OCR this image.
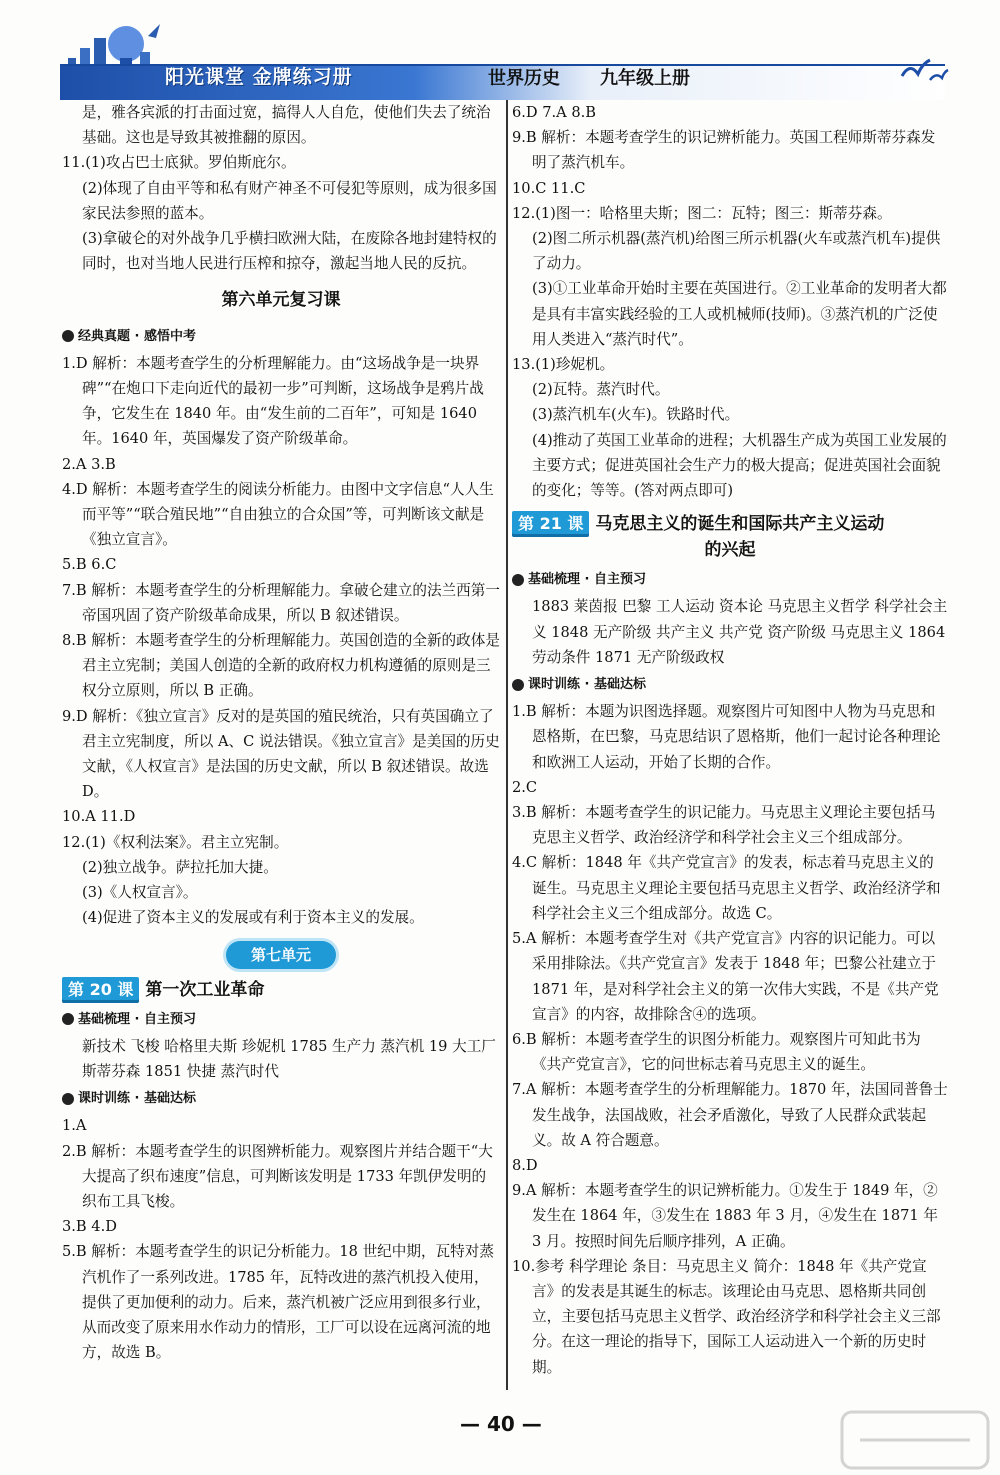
阳光课堂 金牌练习册	世界历史 九年级上册

是，雅各宾派的打击面过宽，搞得人人自危，使他们失去了统治基础。这也是导致其被推翻的原因。

11.(1)攻占巴士底狱。罗伯斯庇尔。

(2)体现了自由平等和私有财产神圣不可侵犯等原则，成为很多国家民法参照的蓝本。

(3)拿破仑的对外战争几乎横扫欧洲大陆，在废除各地封建特权的同时，也对当地人民进行压榨和掠夺，激起当地人民的反抗。

第六单元复习课
经典真题 · 感悟中考

1.D 解析：本题考查学生的分析理解能力。由“这场战争是一块界碑”“在炮口下走向近代的最初一步”可判断，这场战争是鸦片战争，它发生在 1840 年。由“发生前的二百年”，可知是 1640 年。1640 年，英国爆发了资产阶级革命。

2.A 3.B

4.D 解析：本题考查学生的阅读分析能力。由图中文字信息“人人生而平等”“联合殖民地”“自由独立的合众国”等，可判断该文献是《独立宣言》。

5.B 6.C

7.B 解析：本题考查学生的分析理解能力。拿破仑建立的法兰西第一帝国巩固了资产阶级革命成果，所以 B 叙述错误。

8.B 解析：本题考查学生的分析理解能力。英国创造的全新的政体是君主立宪制；美国人创造的全新的政府权力机构遵循的原则是三权分立原则，所以 B 正确。

9.D 解析：《独立宣言》反对的是英国的殖民统治，只有英国确立了君主立宪制度，所以 A、C 说法错误。《独立宣言》是美国的历史文献，《人权宣言》是法国的历史文献，所以 B 叙述错误。故选 D。

10.A 11.D

12.(1)《权利法案》。君主立宪制。

(2)独立战争。萨拉托加大捷。

(3)《人权宣言》。

(4)促进了资本主义的发展或有利于资本主义的发展。

第七单元
第 20 课 第一次工业革命
基础梳理 · 自主预习

新技术 飞梭 哈格里夫斯 珍妮机 1785 生产力 蒸汽机 19 大工厂 斯蒂芬森 1851 快捷 蒸汽时代

课时训练 · 基础达标

1.A

2.B 解析：本题考查学生的识图辨析能力。观察图片并结合题干“大大提高了织布速度”信息，可判断该发明是 1733 年凯伊发明的织布工具飞梭。

3.B 4.D

5.B 解析：本题考查学生的识记分析能力。18 世纪中期，瓦特对蒸汽机作了一系列改进。1785 年，瓦特改进的蒸汽机投入使用，提供了更加便利的动力。后来，蒸汽机被广泛应用到很多行业，从而改变了原来用水作动力的情形，工厂可以设在远离河流的地方，故选 B。

6.D 7.A 8.B

9.B 解析：本题考查学生的识记辨析能力。英国工程师斯蒂芬森发明了蒸汽机车。

10.C 11.C

12.(1)图一：哈格里夫斯；图二：瓦特；图三：斯蒂芬森。

(2)图二所示机器(蒸汽机)给图三所示机器(火车或蒸汽机车)提供了动力。

(3)①工业革命开始时主要在英国进行。②工业革命的发明者大都是具有丰富实践经验的工人或机械师(技师)。③蒸汽机的广泛使用人类进入“蒸汽时代”。

13.(1)珍妮机。

(2)瓦特。蒸汽时代。

(3)蒸汽机车(火车)。铁路时代。

(4)推动了英国工业革命的进程；大机器生产成为英国工业发展的主要方式；促进英国社会生产力的极大提高；促进英国社会面貌的变化；等等。(答对两点即可)

第 21 课 马克思主义的诞生和国际共产主义运动
的兴起
基础梳理 · 自主预习

1883 莱茵报 巴黎 工人运动 资本论 马克思主义哲学 科学社会主义 1848 无产阶级 共产主义 共产党 资产阶级 马克思主义 1864 劳动条件 1871 无产阶级政权

课时训练 · 基础达标

1.B 解析：本题为识图选择题。观察图片可知图中人物为马克思和恩格斯，在巴黎，马克思结识了恩格斯，他们一起讨论各种理论和欧洲工人运动，开始了长期的合作。

2.C

3.B 解析：本题考查学生的识记能力。马克思主义理论主要包括马克思主义哲学、政治经济学和科学社会主义三个组成部分。

4.C 解析：1848 年《共产党宣言》的发表，标志着马克思主义的诞生。马克思主义理论主要包括马克思主义哲学、政治经济学和科学社会主义三个组成部分。故选 C。

5.A 解析：本题考查学生对《共产党宣言》内容的识记能力。可以采用排除法。《共产党宣言》发表于 1848 年；巴黎公社建立于 1871 年，是对科学社会主义的第一次伟大实践，不是《共产党宣言》的内容，故排除含④的选项。

6.B 解析：本题考查学生的识图分析能力。观察图片可知此书为《共产党宣言》，它的问世标志着马克思主义的诞生。

7.A 解析：本题考查学生的分析理解能力。1870 年，法国同普鲁士发生战争，法国战败，社会矛盾激化，导致了人民群众武装起义。故 A 符合题意。

8.D

9.A 解析：本题考查学生的识记辨析能力。①发生于 1849 年，②发生在 1864 年，③发生在 1883 年 3 月，④发生在 1871 年 3 月。按照时间先后顺序排列，A 正确。

10.参考 科学理论 条目：马克思主义 简介：1848 年《共产党宣言》的发表是其诞生的标志。该理论由马克思、恩格斯共同创立，主要包括马克思主义哲学、政治经济学和科学社会主义三部分。在这一理论的指导下，国际工人运动进入一个新的历史时期。

— 40 —
